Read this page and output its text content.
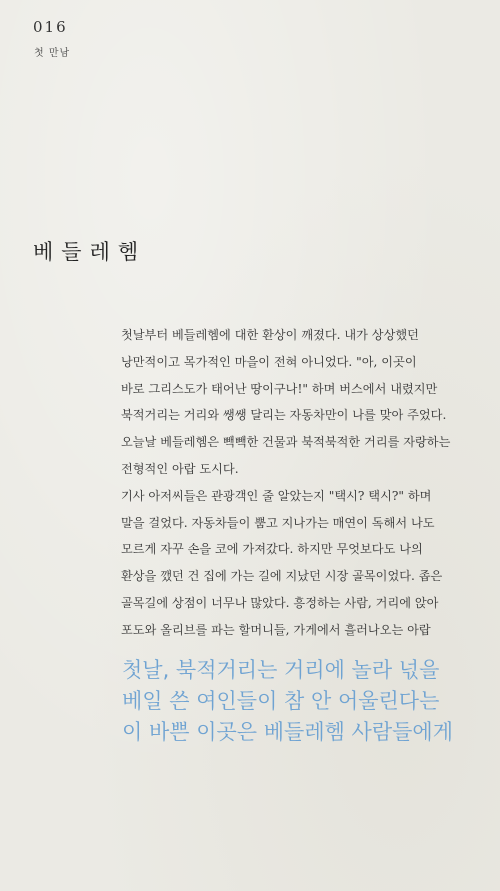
016
첫 만남
베들레헴
첫날부터 베들레헴에 대한 환상이 깨졌다. 내가 상상했던
낭만적이고 목가적인 마을이 전혀 아니었다. "아, 이곳이
바로 그리스도가 태어난 땅이구나!" 하며 버스에서 내렸지만
북적거리는 거리와 쌩쌩 달리는 자동차만이 나를 맞아 주었다.
오늘날 베들레헴은 빽빽한 건물과 북적북적한 거리를 자랑하는
전형적인 아랍 도시다.
기사 아저씨들은 관광객인 줄 알았는지 "택시? 택시?" 하며
말을 걸었다. 자동차들이 뿜고 지나가는 매연이 독해서 나도
모르게 자꾸 손을 코에 가져갔다. 하지만 무엇보다도 나의
환상을 깼던 건 집에 가는 길에 지났던 시장 골목이었다. 좁은
골목길에 상점이 너무나 많았다. 흥정하는 사람, 거리에 앉아
포도와 올리브를 파는 할머니들, 가게에서 흘러나오는 아랍
첫날, 북적거리는 거리에 놀라 넋을
베일 쓴 여인들이 참 안 어울린다는
이 바쁜 이곳은 베들레헴 사람들에게
